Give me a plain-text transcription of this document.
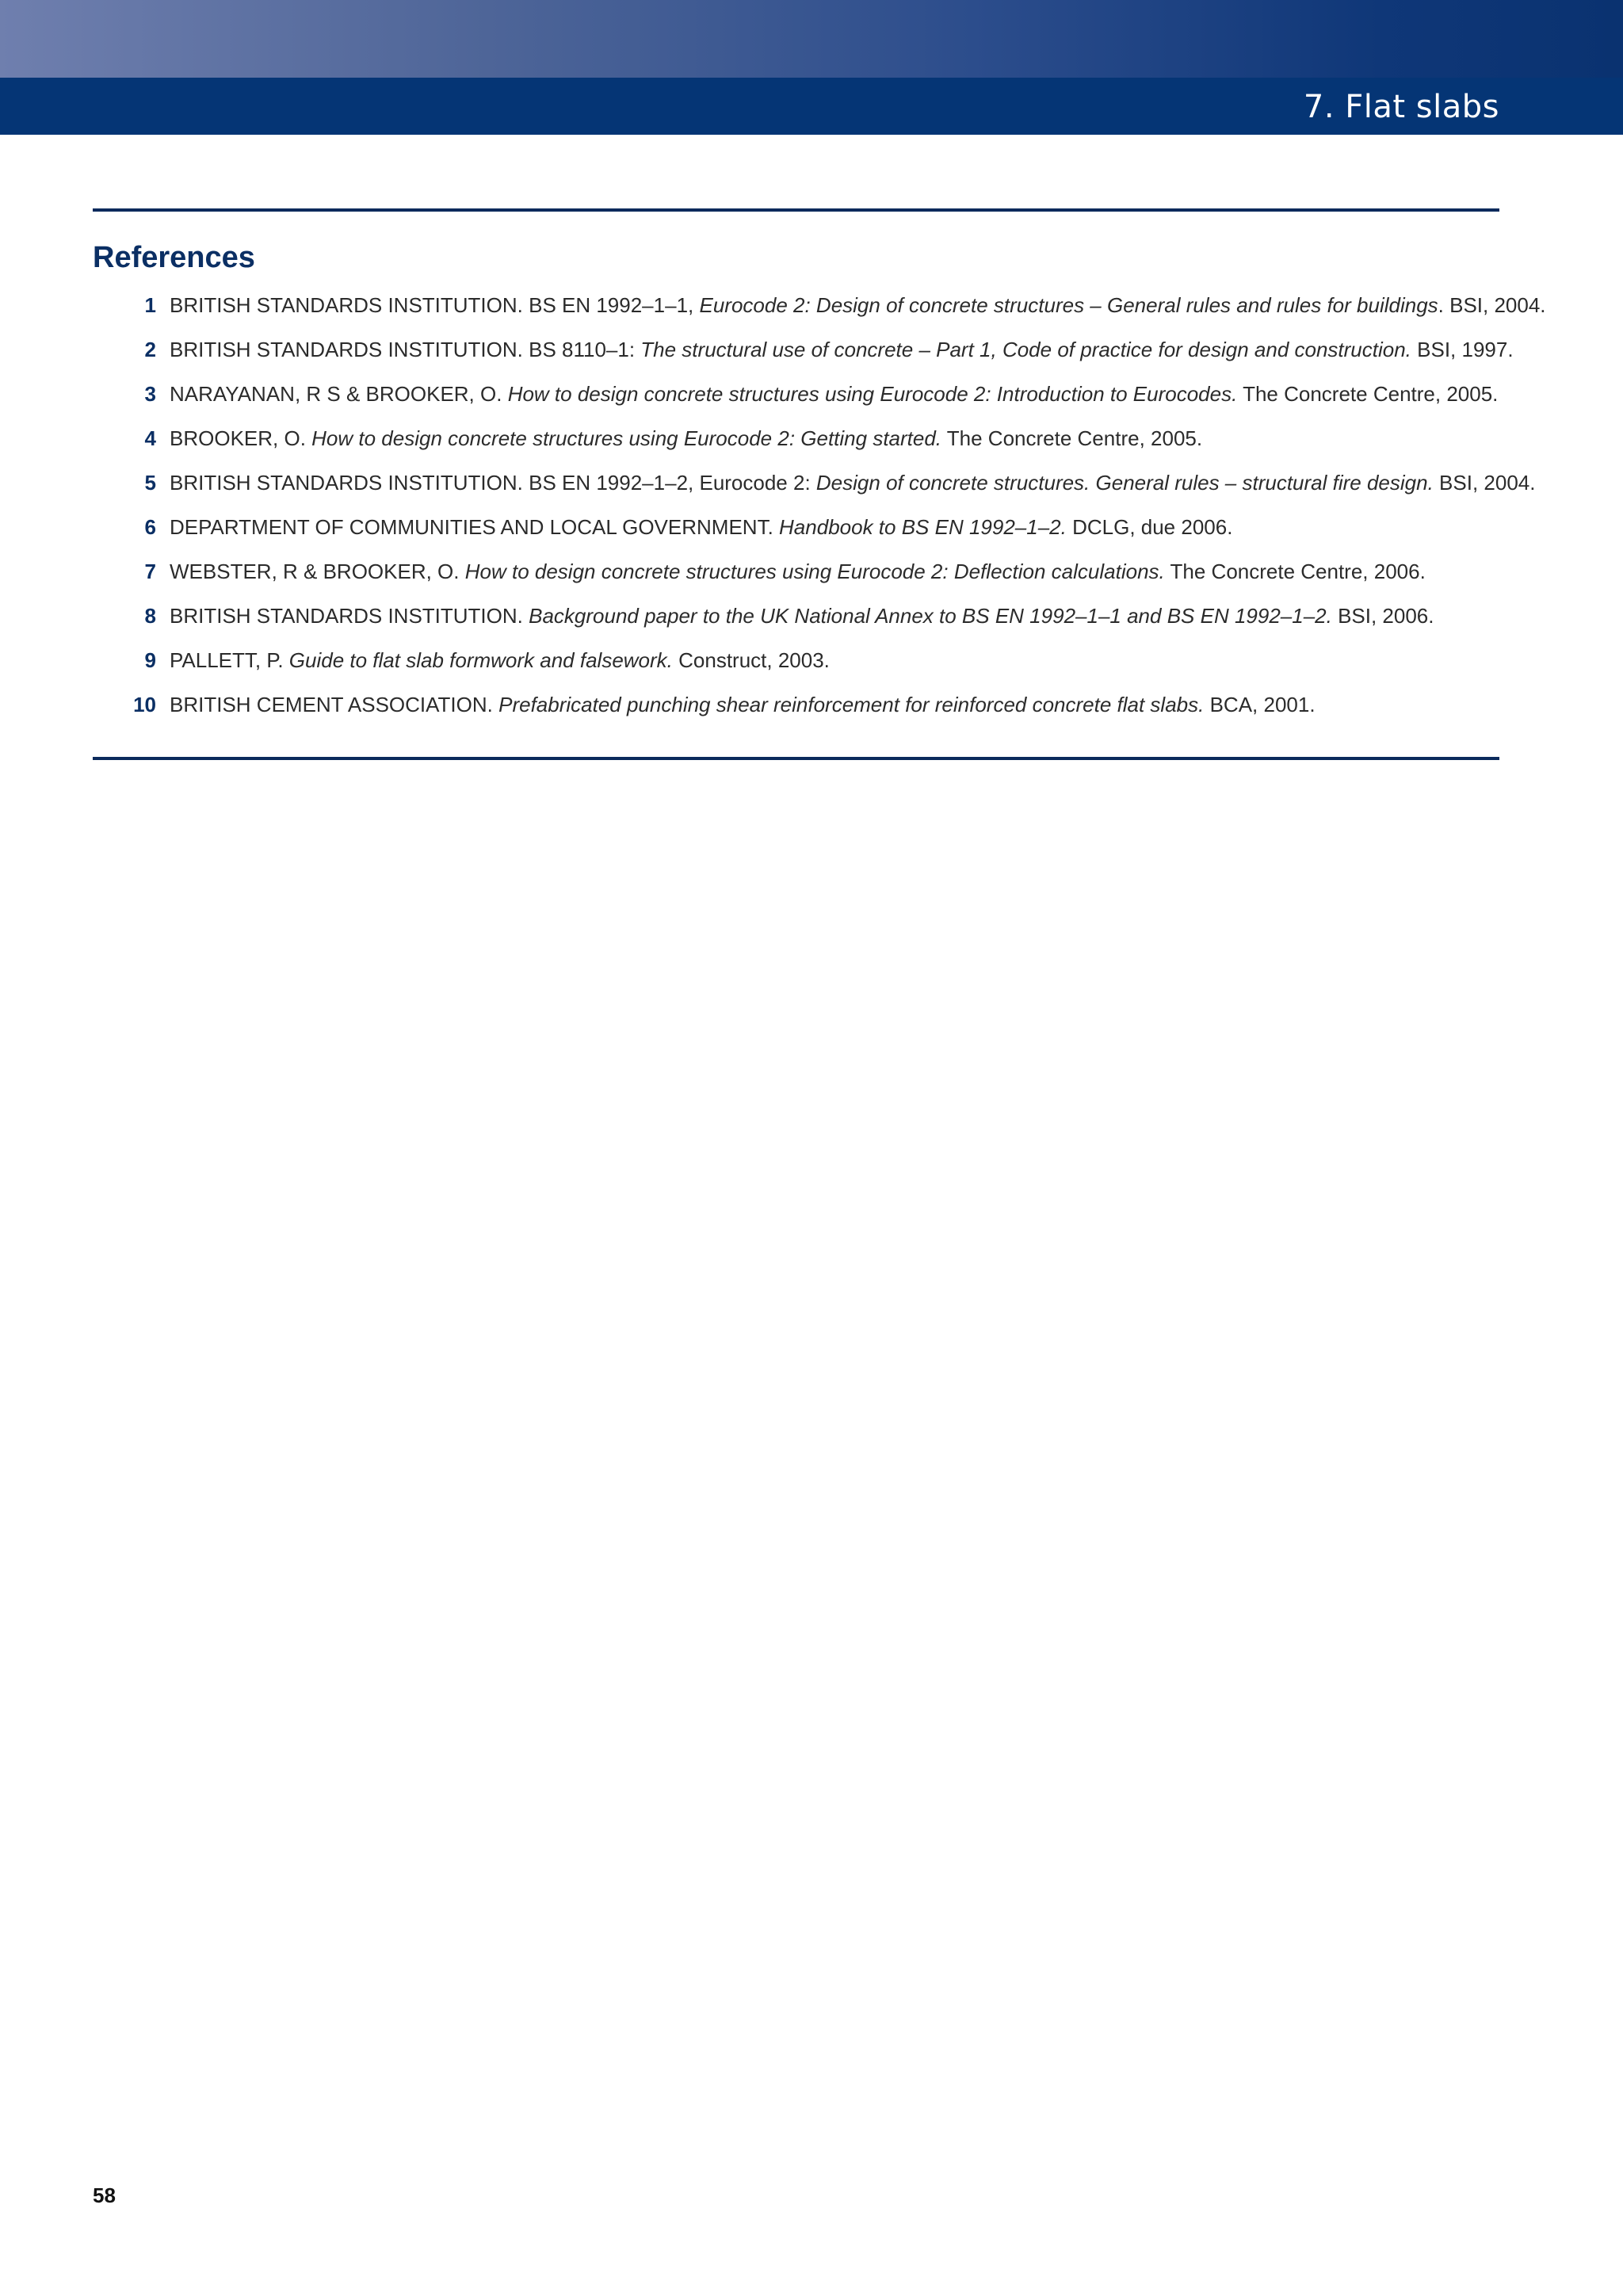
7. Flat slabs
References
1 BRITISH STANDARDS INSTITUTION. BS EN 1992–1–1, Eurocode 2: Design of concrete structures – General rules and rules for buildings. BSI, 2004.
2 BRITISH STANDARDS INSTITUTION. BS 8110–1: The structural use of concrete – Part 1, Code of practice for design and construction. BSI, 1997.
3 NARAYANAN, R S & BROOKER, O. How to design concrete structures using Eurocode 2: Introduction to Eurocodes. The Concrete Centre, 2005.
4 BROOKER, O. How to design concrete structures using Eurocode 2: Getting started. The Concrete Centre, 2005.
5 BRITISH STANDARDS INSTITUTION. BS EN 1992–1–2, Eurocode 2: Design of concrete structures. General rules – structural fire design. BSI, 2004.
6 DEPARTMENT OF COMMUNITIES AND LOCAL GOVERNMENT. Handbook to BS EN 1992–1–2. DCLG, due 2006.
7 WEBSTER, R & BROOKER, O. How to design concrete structures using Eurocode 2: Deflection calculations. The Concrete Centre, 2006.
8 BRITISH STANDARDS INSTITUTION. Background paper to the UK National Annex to BS EN 1992–1–1 and BS EN 1992–1–2. BSI, 2006.
9 PALLETT, P. Guide to flat slab formwork and falsework. Construct, 2003.
10 BRITISH CEMENT ASSOCIATION. Prefabricated punching shear reinforcement for reinforced concrete flat slabs. BCA, 2001.
58
